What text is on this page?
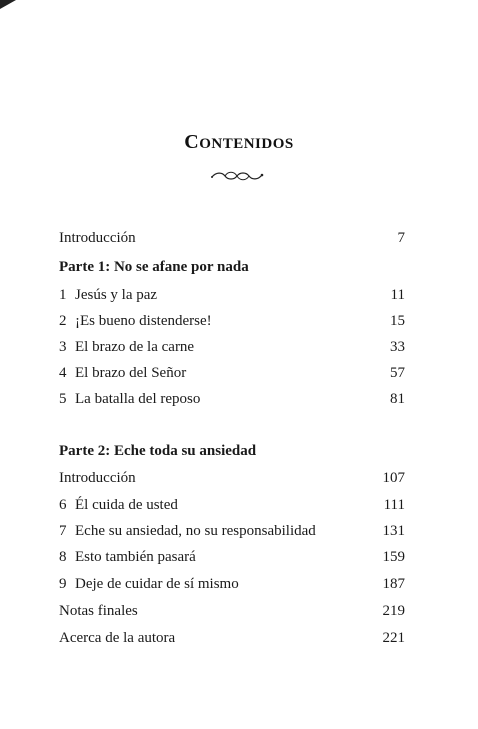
CONTENIDOS
Introducción	7
Parte 1: No se afane por nada
1 Jesús y la paz	11
2 ¡Es bueno distenderse!	15
3 El brazo de la carne	33
4 El brazo del Señor	57
5 La batalla del reposo	81
Parte 2: Eche toda su ansiedad
Introducción	107
6 Él cuida de usted	111
7 Eche su ansiedad, no su responsabilidad	131
8 Esto también pasará	159
9 Deje de cuidar de sí mismo	187
Notas finales	219
Acerca de la autora	221
